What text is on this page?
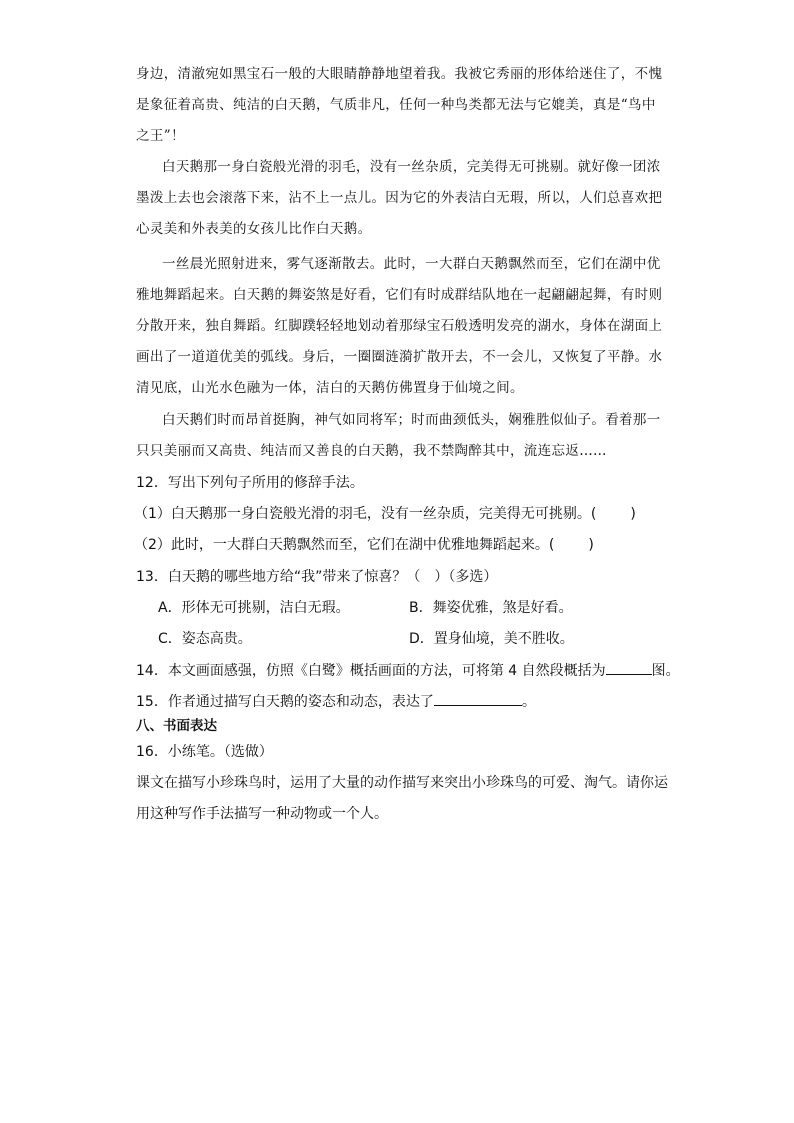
身边，清澈宛如黑宝石一般的大眼睛静静地望着我。我被它秀丽的形体给迷住了，不愧
是象征着高贵、纯洁的白天鹅，气质非凡，任何一种鸟类都无法与它媲美，真是“鸟中
之王”！
白天鹅那一身白瓷般光滑的羽毛，没有一丝杂质，完美得无可挑剔。就好像一团浓
墨泼上去也会滚落下来，沾不上一点儿。因为它的外表洁白无瑕，所以，人们总喜欢把
心灵美和外表美的女孩儿比作白天鹅。
一丝晨光照射进来，雾气逐渐散去。此时，一大群白天鹅飘然而至，它们在湖中优
雅地舞蹈起来。白天鹅的舞姿煞是好看，它们有时成群结队地在一起翩翩起舞，有时则
分散开来，独自舞蹈。红脚蹼轻轻地划动着那绿宝石般透明发亮的湖水，身体在湖面上
画出了一道道优美的弧线。身后，一圈圈涟漪扩散开去，不一会儿，又恢复了平静。水
清见底，山光水色融为一体，洁白的天鹅仿佛置身于仙境之间。
白天鹅们时而昂首挺胸，神气如同将军；时而曲颈低头，娴雅胜似仙子。看着那一
只只美丽而又高贵、纯洁而又善良的白天鹅，我不禁陶醉其中，流连忘返……
12．写出下列句子所用的修辞手法。
（1）白天鹅那一身白瓷般光滑的羽毛，没有一丝杂质，完美得无可挑剔。( )
（2）此时，一大群白天鹅飘然而至，它们在湖中优雅地舞蹈起来。( )
13．白天鹅的哪些地方给“我”带来了惊喜？（　）（多选）
A．形体无可挑剔，洁白无瑕。	B．舞姿优雅，煞是好看。
C．姿态高贵。	D．置身仙境，美不胜收。
14．本文画面感强，仿照《白鹭》概括画面的方法，可将第 4 自然段概括为	图。
15．作者通过描写白天鹅的姿态和动态，表达了	。
八、书面表达
16．小练笔。（选做）
课文在描写小珍珠鸟时，运用了大量的动作描写来突出小珍珠鸟的可爱、淘气。请你运
用这种写作手法描写一种动物或一个人。
